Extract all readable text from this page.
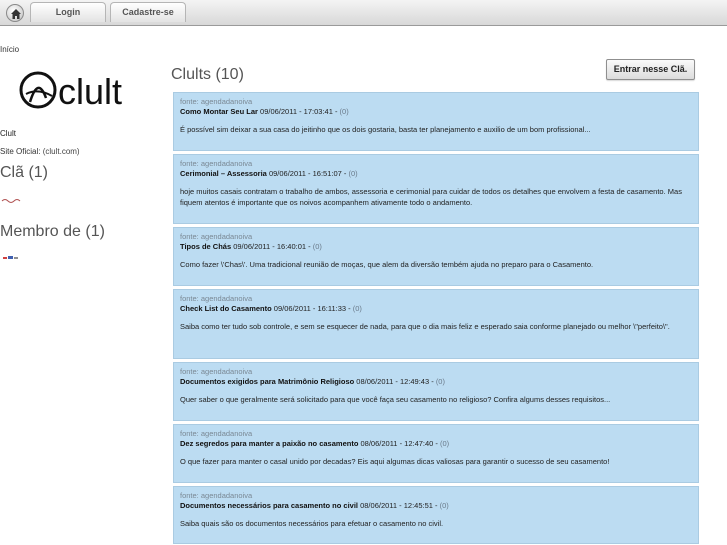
Login	Cadastre-se
Início
clult
Clult
Site Oficial: (clult.com)
Clã (1)
Membro de (1)
Clults (10)	Entrar nesse Clã.
fonte: agendadanoiva
Como Montar Seu Lar 09/06/2011 - 17:03:41 - (0)
É possível sim deixar a sua casa do jeitinho que os dois gostaria, basta ter planejamento e auxilio de um bom profissional...
fonte: agendadanoiva
Cerimonial – Assessoria 09/06/2011 - 16:51:07 - (0)
hoje muitos casais contratam o trabalho de ambos, assessoria e cerimonial para cuidar de todos os detalhes que envolvem a festa de casamento. Mas fiquem atentos é importante que os noivos acompanhem ativamente todo o andamento.
fonte: agendadanoiva
Tipos de Chás 09/06/2011 - 16:40:01 - (0)
Como fazer \'Chas\'. Uma tradicional reunião de moças, que alem da diversão tembém ajuda no preparo para o Casamento.
fonte: agendadanoiva
Check List do Casamento 09/06/2011 - 16:11:33 - (0)
Saiba como ter tudo sob controle, e sem se esquecer de nada, para que o dia mais feliz e esperado saia conforme planejado ou melhor \"perfeito\".
fonte: agendadanoiva
Documentos exigidos para Matrimônio Religioso 08/06/2011 - 12:49:43 - (0)
Quer saber o que geralmente será solicitado para que você faça seu casamento no religioso? Confira algums desses requisitos...
fonte: agendadanoiva
Dez segredos para manter a paixão no casamento 08/06/2011 - 12:47:40 - (0)
O que fazer para manter o casal unido por decadas? Eis aqui algumas dicas valiosas para garantir o sucesso de seu casamento!
fonte: agendadanoiva
Documentos necessários para casamento no civil 08/06/2011 - 12:45:51 - (0)
Saiba quais são os documentos necessários para efetuar o casamento no civil.
